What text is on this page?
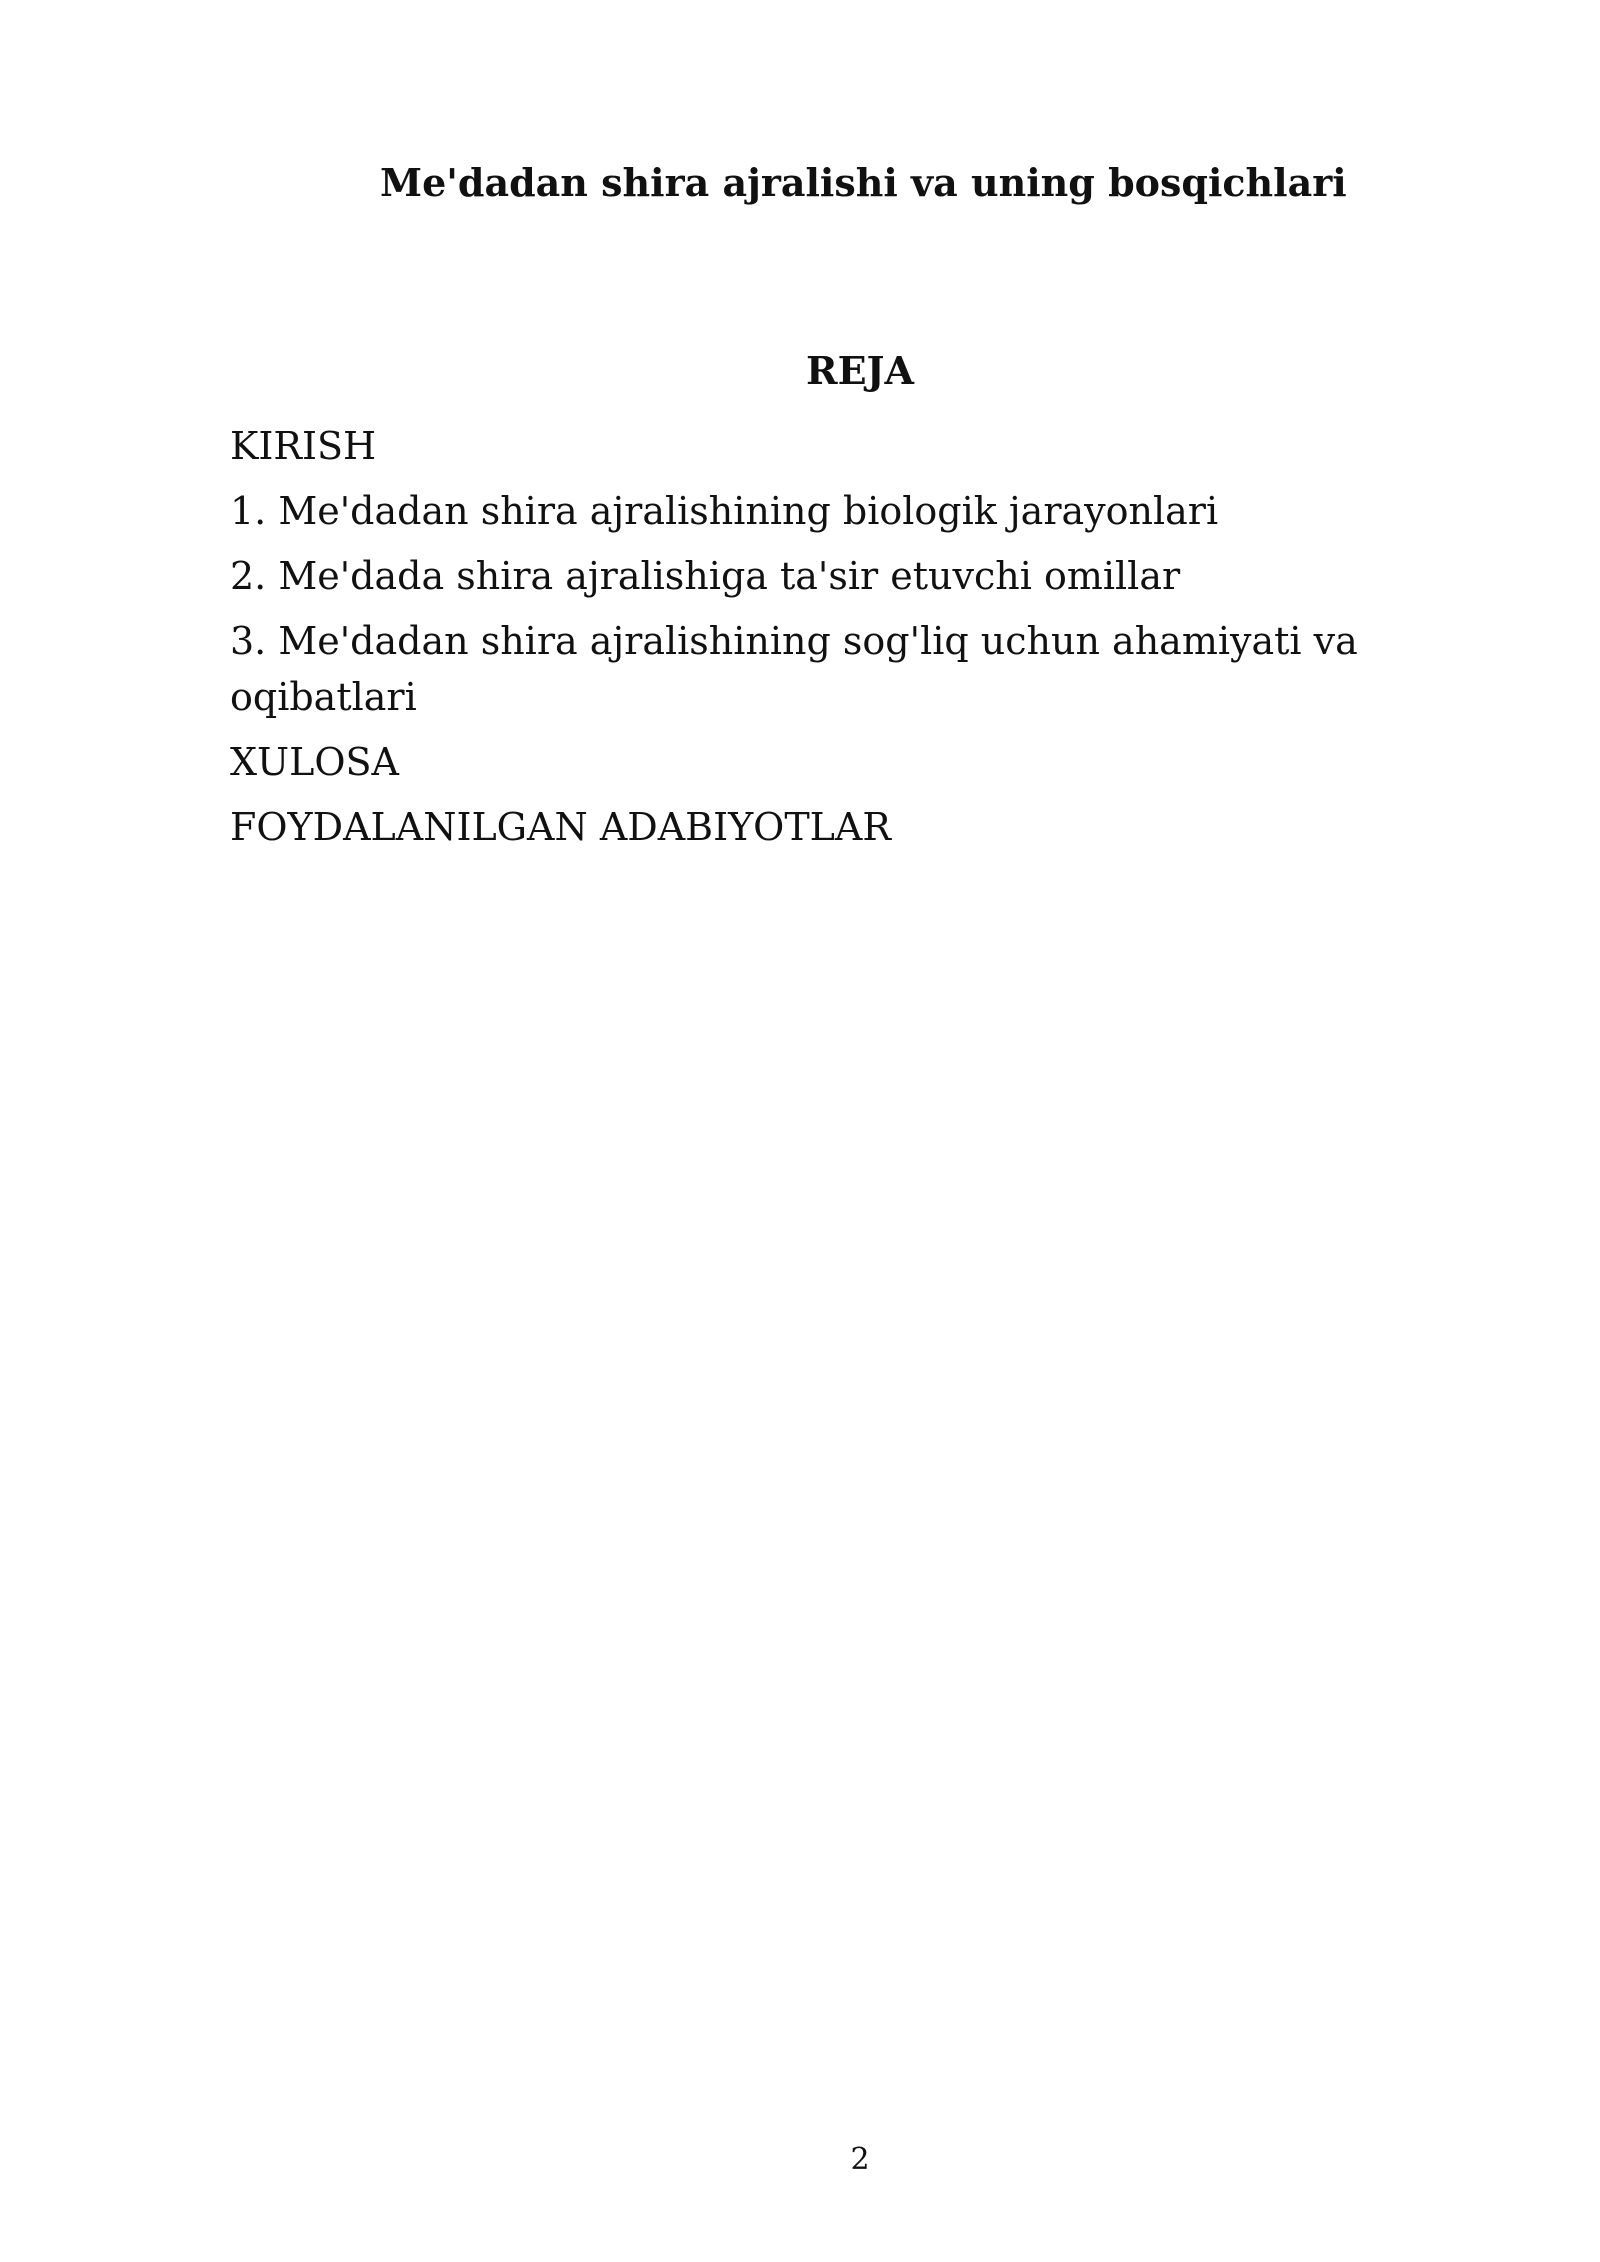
Me'dadan shira ajralishi va uning bosqichlari
REJA
KIRISH
1. Me'dadan shira ajralishining biologik jarayonlari
2. Me'dada shira ajralishiga ta'sir etuvchi omillar
3. Me'dadan shira ajralishining sog'liq uchun ahamiyati va oqibatlari
XULOSA
FOYDALANILGAN ADABIYOTLAR
2
